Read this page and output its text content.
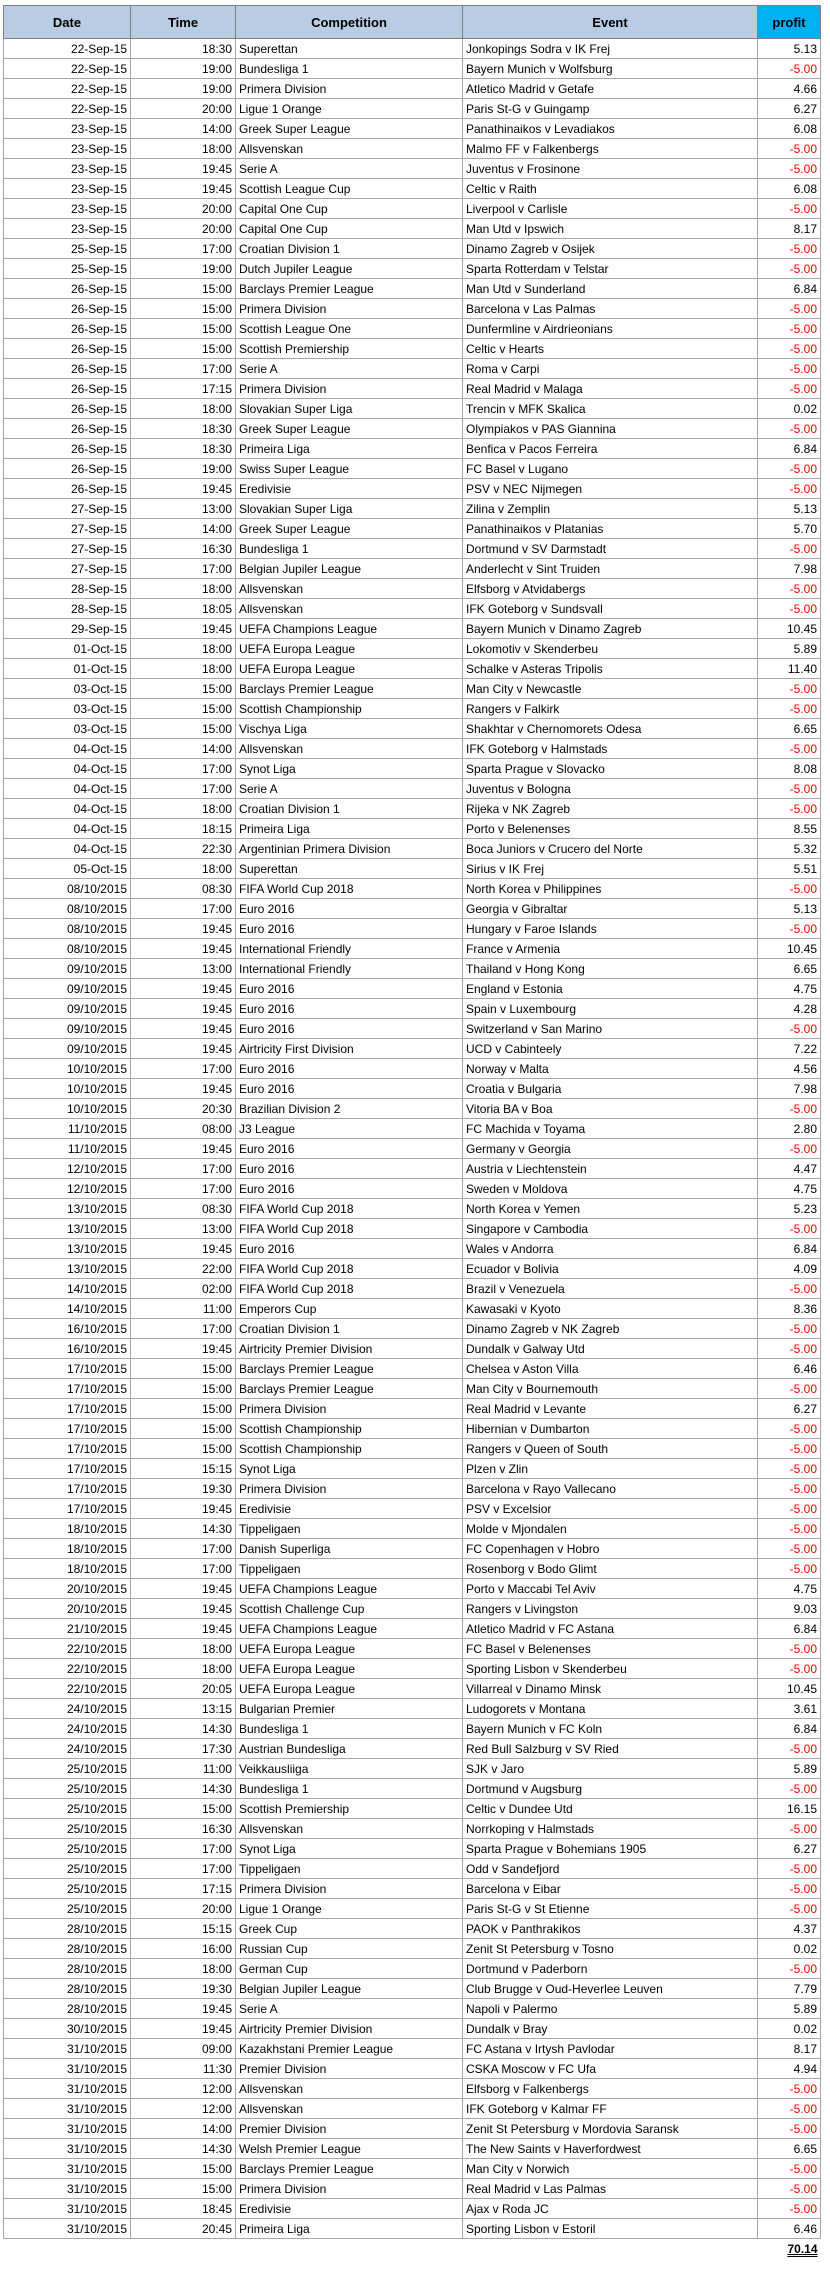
Date	Time	Competition	Event	profit
22-Sep-15	18:30	Superettan	Jonkopings Sodra v IK Frej	5.13
22-Sep-15	19:00	Bundesliga 1	Bayern Munich v Wolfsburg	-5.00
22-Sep-15	19:00	Primera Division	Atletico Madrid v Getafe	4.66
22-Sep-15	20:00	Ligue 1 Orange	Paris St-G v Guingamp	6.27
23-Sep-15	14:00	Greek Super League	Panathinaikos v Levadiakos	6.08
23-Sep-15	18:00	Allsvenskan	Malmo FF v Falkenbergs	-5.00
23-Sep-15	19:45	Serie A	Juventus v Frosinone	-5.00
23-Sep-15	19:45	Scottish League Cup	Celtic v Raith	6.08
23-Sep-15	20:00	Capital One Cup	Liverpool v Carlisle	-5.00
23-Sep-15	20:00	Capital One Cup	Man Utd v Ipswich	8.17
25-Sep-15	17:00	Croatian Division 1	Dinamo Zagreb v Osijek	-5.00
25-Sep-15	19:00	Dutch Jupiler League	Sparta Rotterdam v Telstar	-5.00
26-Sep-15	15:00	Barclays Premier League	Man Utd v Sunderland	6.84
26-Sep-15	15:00	Primera Division	Barcelona v Las Palmas	-5.00
26-Sep-15	15:00	Scottish League One	Dunfermline v Airdrieonians	-5.00
26-Sep-15	15:00	Scottish Premiership	Celtic v Hearts	-5.00
26-Sep-15	17:00	Serie A	Roma v Carpi	-5.00
26-Sep-15	17:15	Primera Division	Real Madrid v Malaga	-5.00
26-Sep-15	18:00	Slovakian Super Liga	Trencin v MFK Skalica	0.02
26-Sep-15	18:30	Greek Super League	Olympiakos v PAS Giannina	-5.00
26-Sep-15	18:30	Primeira Liga	Benfica v Pacos Ferreira	6.84
26-Sep-15	19:00	Swiss Super League	FC Basel v Lugano	-5.00
26-Sep-15	19:45	Eredivisie	PSV v NEC Nijmegen	-5.00
27-Sep-15	13:00	Slovakian Super Liga	Zilina v Zemplin	5.13
27-Sep-15	14:00	Greek Super League	Panathinaikos v Platanias	5.70
27-Sep-15	16:30	Bundesliga 1	Dortmund v SV Darmstadt	-5.00
27-Sep-15	17:00	Belgian Jupiler League	Anderlecht v Sint Truiden	7.98
28-Sep-15	18:00	Allsvenskan	Elfsborg v Atvidabergs	-5.00
28-Sep-15	18:05	Allsvenskan	IFK Goteborg v Sundsvall	-5.00
29-Sep-15	19:45	UEFA Champions League	Bayern Munich v Dinamo Zagreb	10.45
01-Oct-15	18:00	UEFA Europa League	Lokomotiv v Skenderbeu	5.89
01-Oct-15	18:00	UEFA Europa League	Schalke v Asteras Tripolis	11.40
03-Oct-15	15:00	Barclays Premier League	Man City v Newcastle	-5.00
03-Oct-15	15:00	Scottish Championship	Rangers v Falkirk	-5.00
03-Oct-15	15:00	Vischya Liga	Shakhtar v Chernomorets Odesa	6.65
04-Oct-15	14:00	Allsvenskan	IFK Goteborg v Halmstads	-5.00
04-Oct-15	17:00	Synot Liga	Sparta Prague v Slovacko	8.08
04-Oct-15	17:00	Serie A	Juventus v Bologna	-5.00
04-Oct-15	18:00	Croatian Division 1	Rijeka v NK Zagreb	-5.00
04-Oct-15	18:15	Primeira Liga	Porto v Belenenses	8.55
04-Oct-15	22:30	Argentinian Primera Division	Boca Juniors v Crucero del Norte	5.32
05-Oct-15	18:00	Superettan	Sirius v IK Frej	5.51
08/10/2015	08:30	FIFA World Cup 2018	North Korea v Philippines	-5.00
08/10/2015	17:00	Euro 2016	Georgia v Gibraltar	5.13
08/10/2015	19:45	Euro 2016	Hungary v Faroe Islands	-5.00
08/10/2015	19:45	International Friendly	France v Armenia	10.45
09/10/2015	13:00	International Friendly	Thailand v Hong Kong	6.65
09/10/2015	19:45	Euro 2016	England v Estonia	4.75
09/10/2015	19:45	Euro 2016	Spain v Luxembourg	4.28
09/10/2015	19:45	Euro 2016	Switzerland v San Marino	-5.00
09/10/2015	19:45	Airtricity First Division	UCD v Cabinteely	7.22
10/10/2015	17:00	Euro 2016	Norway v Malta	4.56
10/10/2015	19:45	Euro 2016	Croatia v Bulgaria	7.98
10/10/2015	20:30	Brazilian Division 2	Vitoria BA v Boa	-5.00
11/10/2015	08:00	J3 League	FC Machida v Toyama	2.80
11/10/2015	19:45	Euro 2016	Germany v Georgia	-5.00
12/10/2015	17:00	Euro 2016	Austria v Liechtenstein	4.47
12/10/2015	17:00	Euro 2016	Sweden v Moldova	4.75
13/10/2015	08:30	FIFA World Cup 2018	North Korea v Yemen	5.23
13/10/2015	13:00	FIFA World Cup 2018	Singapore v Cambodia	-5.00
13/10/2015	19:45	Euro 2016	Wales v Andorra	6.84
13/10/2015	22:00	FIFA World Cup 2018	Ecuador v Bolivia	4.09
14/10/2015	02:00	FIFA World Cup 2018	Brazil v Venezuela	-5.00
14/10/2015	11:00	Emperors Cup	Kawasaki v Kyoto	8.36
16/10/2015	17:00	Croatian Division 1	Dinamo Zagreb v NK Zagreb	-5.00
16/10/2015	19:45	Airtricity Premier Division	Dundalk v Galway Utd	-5.00
17/10/2015	15:00	Barclays Premier League	Chelsea v Aston Villa	6.46
17/10/2015	15:00	Barclays Premier League	Man City v Bournemouth	-5.00
17/10/2015	15:00	Primera Division	Real Madrid v Levante	6.27
17/10/2015	15:00	Scottish Championship	Hibernian v Dumbarton	-5.00
17/10/2015	15:00	Scottish Championship	Rangers v Queen of South	-5.00
17/10/2015	15:15	Synot Liga	Plzen v Zlin	-5.00
17/10/2015	19:30	Primera Division	Barcelona v Rayo Vallecano	-5.00
17/10/2015	19:45	Eredivisie	PSV v Excelsior	-5.00
18/10/2015	14:30	Tippeligaen	Molde v Mjondalen	-5.00
18/10/2015	17:00	Danish Superliga	FC Copenhagen v Hobro	-5.00
18/10/2015	17:00	Tippeligaen	Rosenborg v Bodo Glimt	-5.00
20/10/2015	19:45	UEFA Champions League	Porto v Maccabi Tel Aviv	4.75
20/10/2015	19:45	Scottish Challenge Cup	Rangers v Livingston	9.03
21/10/2015	19:45	UEFA Champions League	Atletico Madrid v FC Astana	6.84
22/10/2015	18:00	UEFA Europa League	FC Basel v Belenenses	-5.00
22/10/2015	18:00	UEFA Europa League	Sporting Lisbon v Skenderbeu	-5.00
22/10/2015	20:05	UEFA Europa League	Villarreal v Dinamo Minsk	10.45
24/10/2015	13:15	Bulgarian Premier	Ludogorets v Montana	3.61
24/10/2015	14:30	Bundesliga 1	Bayern Munich v FC Koln	6.84
24/10/2015	17:30	Austrian Bundesliga	Red Bull Salzburg v SV Ried	-5.00
25/10/2015	11:00	Veikkausliiga	SJK v Jaro	5.89
25/10/2015	14:30	Bundesliga 1	Dortmund v Augsburg	-5.00
25/10/2015	15:00	Scottish Premiership	Celtic v Dundee Utd	16.15
25/10/2015	16:30	Allsvenskan	Norrkoping v Halmstads	-5.00
25/10/2015	17:00	Synot Liga	Sparta Prague v Bohemians 1905	6.27
25/10/2015	17:00	Tippeligaen	Odd v Sandefjord	-5.00
25/10/2015	17:15	Primera Division	Barcelona v Eibar	-5.00
25/10/2015	20:00	Ligue 1 Orange	Paris St-G v St Etienne	-5.00
28/10/2015	15:15	Greek Cup	PAOK v Panthrakikos	4.37
28/10/2015	16:00	Russian Cup	Zenit St Petersburg v Tosno	0.02
28/10/2015	18:00	German Cup	Dortmund v Paderborn	-5.00
28/10/2015	19:30	Belgian Jupiler League	Club Brugge v Oud-Heverlee Leuven	7.79
28/10/2015	19:45	Serie A	Napoli v Palermo	5.89
30/10/2015	19:45	Airtricity Premier Division	Dundalk v Bray	0.02
31/10/2015	09:00	Kazakhstani Premier League	FC Astana v Irtysh Pavlodar	8.17
31/10/2015	11:30	Premier Division	CSKA Moscow v FC Ufa	4.94
31/10/2015	12:00	Allsvenskan	Elfsborg v Falkenbergs	-5.00
31/10/2015	12:00	Allsvenskan	IFK Goteborg v Kalmar FF	-5.00
31/10/2015	14:00	Premier Division	Zenit St Petersburg v Mordovia Saransk	-5.00
31/10/2015	14:30	Welsh Premier League	The New Saints v Haverfordwest	6.65
31/10/2015	15:00	Barclays Premier League	Man City v Norwich	-5.00
31/10/2015	15:00	Primera Division	Real Madrid v Las Palmas	-5.00
31/10/2015	18:45	Eredivisie	Ajax v Roda JC	-5.00
31/10/2015	20:45	Primeira Liga	Sporting Lisbon v Estoril	6.46
				70.14
